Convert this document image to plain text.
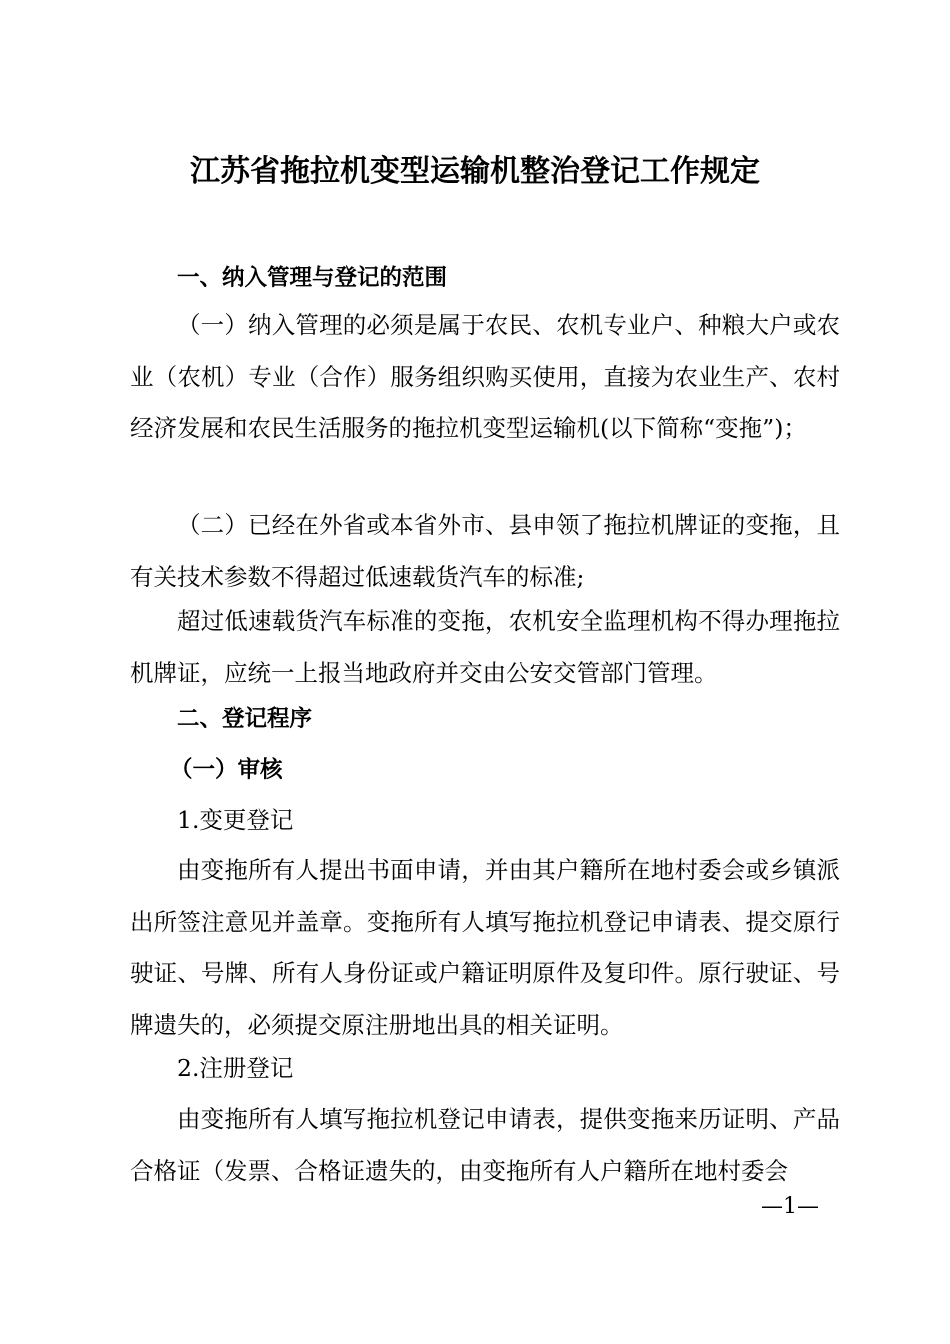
江苏省拖拉机变型运输机整治登记工作规定

一、纳入管理与登记的范围

（一）纳入管理的必须是属于农民、农机专业户、种粮大户或农业（农机）专业（合作）服务组织购买使用，直接为农业生产、农村经济发展和农民生活服务的拖拉机变型运输机(以下简称“变拖”)；

（二）已经在外省或本省外市、县申领了拖拉机牌证的变拖，且有关技术参数不得超过低速载货汽车的标准;

超过低速载货汽车标准的变拖，农机安全监理机构不得办理拖拉机牌证，应统一上报当地政府并交由公安交管部门管理。

二、登记程序

（一）审核

1.变更登记

由变拖所有人提出书面申请，并由其户籍所在地村委会或乡镇派出所签注意见并盖章。变拖所有人填写拖拉机登记申请表、提交原行驶证、号牌、所有人身份证或户籍证明原件及复印件。原行驶证、号牌遗失的，必须提交原注册地出具的相关证明。

2.注册登记

由变拖所有人填写拖拉机登记申请表，提供变拖来历证明、产品合格证（发票、合格证遗失的，由变拖所有人户籍所在地村委会

—1—
